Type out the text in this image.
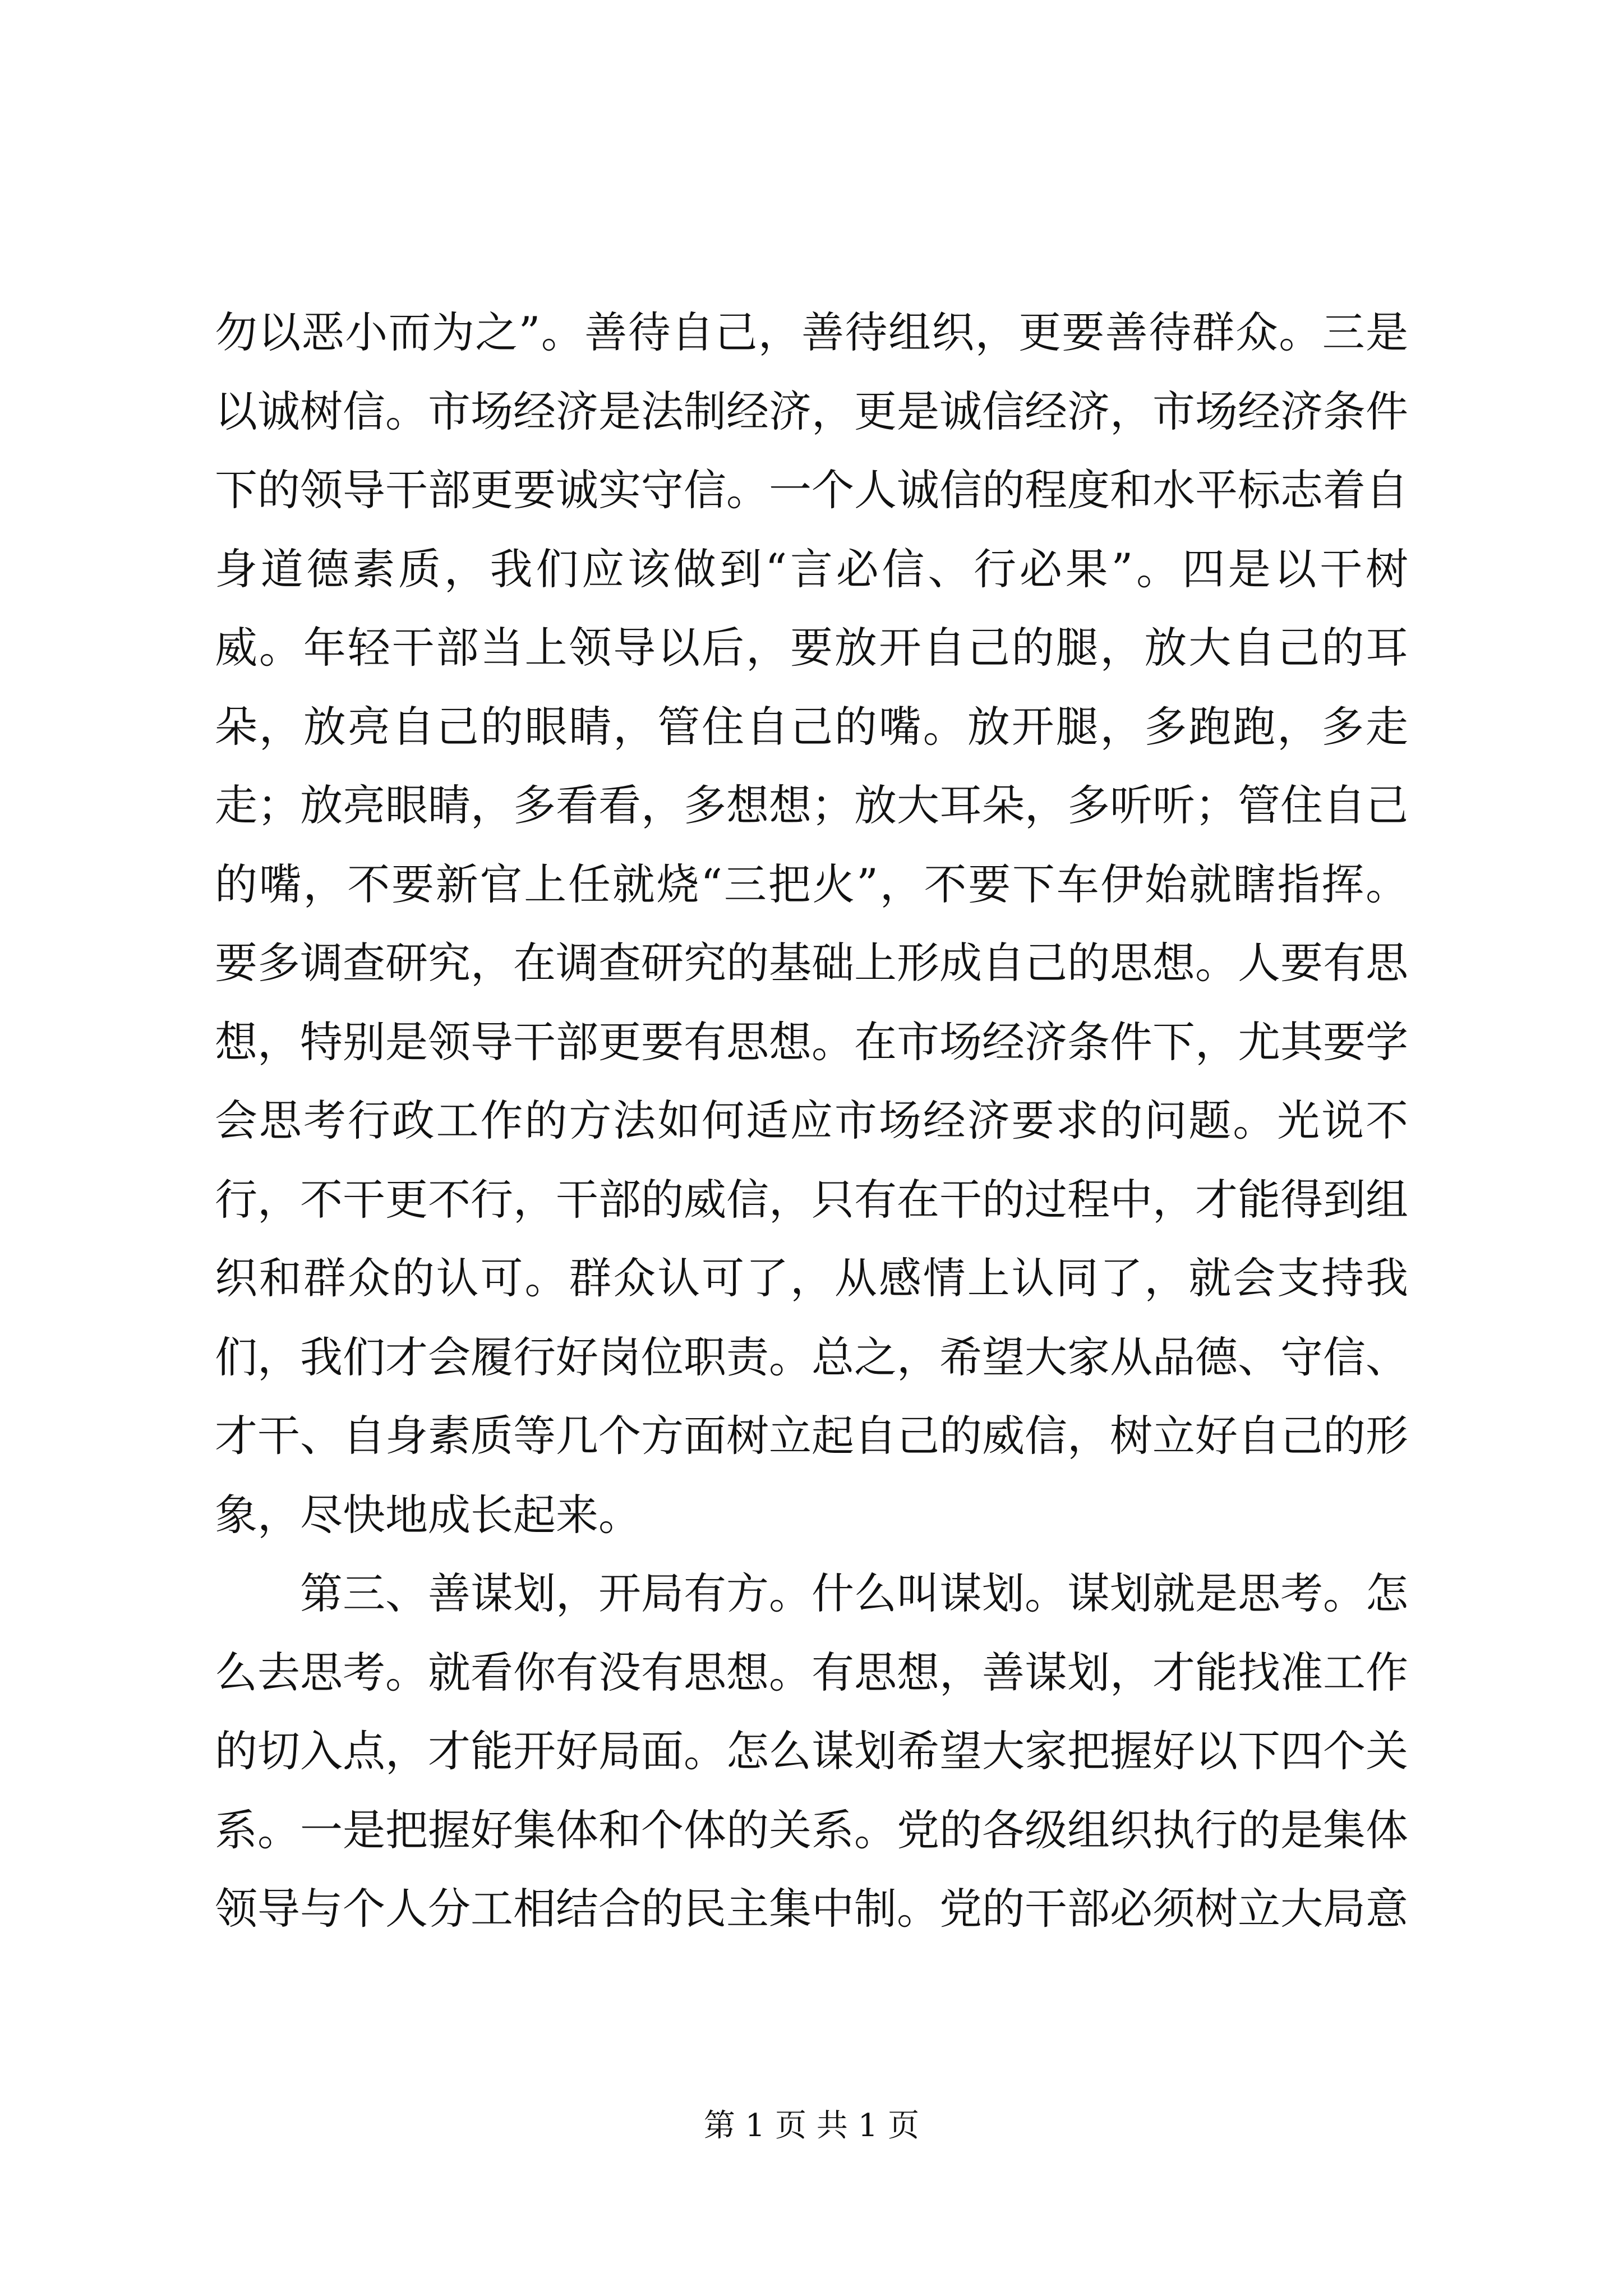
勿以恶小而为之”。善待自己，善待组织，更要善待群众。三是以诚树信。市场经济是法制经济，更是诚信经济，市场经济条件下的领导干部更要诚实守信。一个人诚信的程度和水平标志着自身道德素质，我们应该做到“言必信、行必果”。四是以干树威。年轻干部当上领导以后，要放开自己的腿，放大自己的耳朵，放亮自己的眼睛，管住自己的嘴。放开腿，多跑跑，多走走；放亮眼睛，多看看，多想想；放大耳朵，多听听；管住自己的嘴，不要新官上任就烧“三把火”，不要下车伊始就瞎指挥。要多调查研究，在调查研究的基础上形成自己的思想。人要有思想，特别是领导干部更要有思想。在市场经济条件下，尤其要学会思考行政工作的方法如何适应市场经济要求的问题。光说不行，不干更不行，干部的威信，只有在干的过程中，才能得到组织和群众的认可。群众认可了，从感情上认同了，就会支持我们，我们才会履行好岗位职责。总之，希望大家从品德、守信、才干、自身素质等几个方面树立起自己的威信，树立好自己的形象，尽快地成长起来。

第三、善谋划，开局有方。什么叫谋划。谋划就是思考。怎么去思考。就看你有没有思想。有思想，善谋划，才能找准工作的切入点，才能开好局面。怎么谋划希望大家把握好以下四个关系。一是把握好集体和个体的关系。党的各级组织执行的是集体领导与个人分工相结合的民主集中制。党的干部必须树立大局意

第 1 页 共 1 页
